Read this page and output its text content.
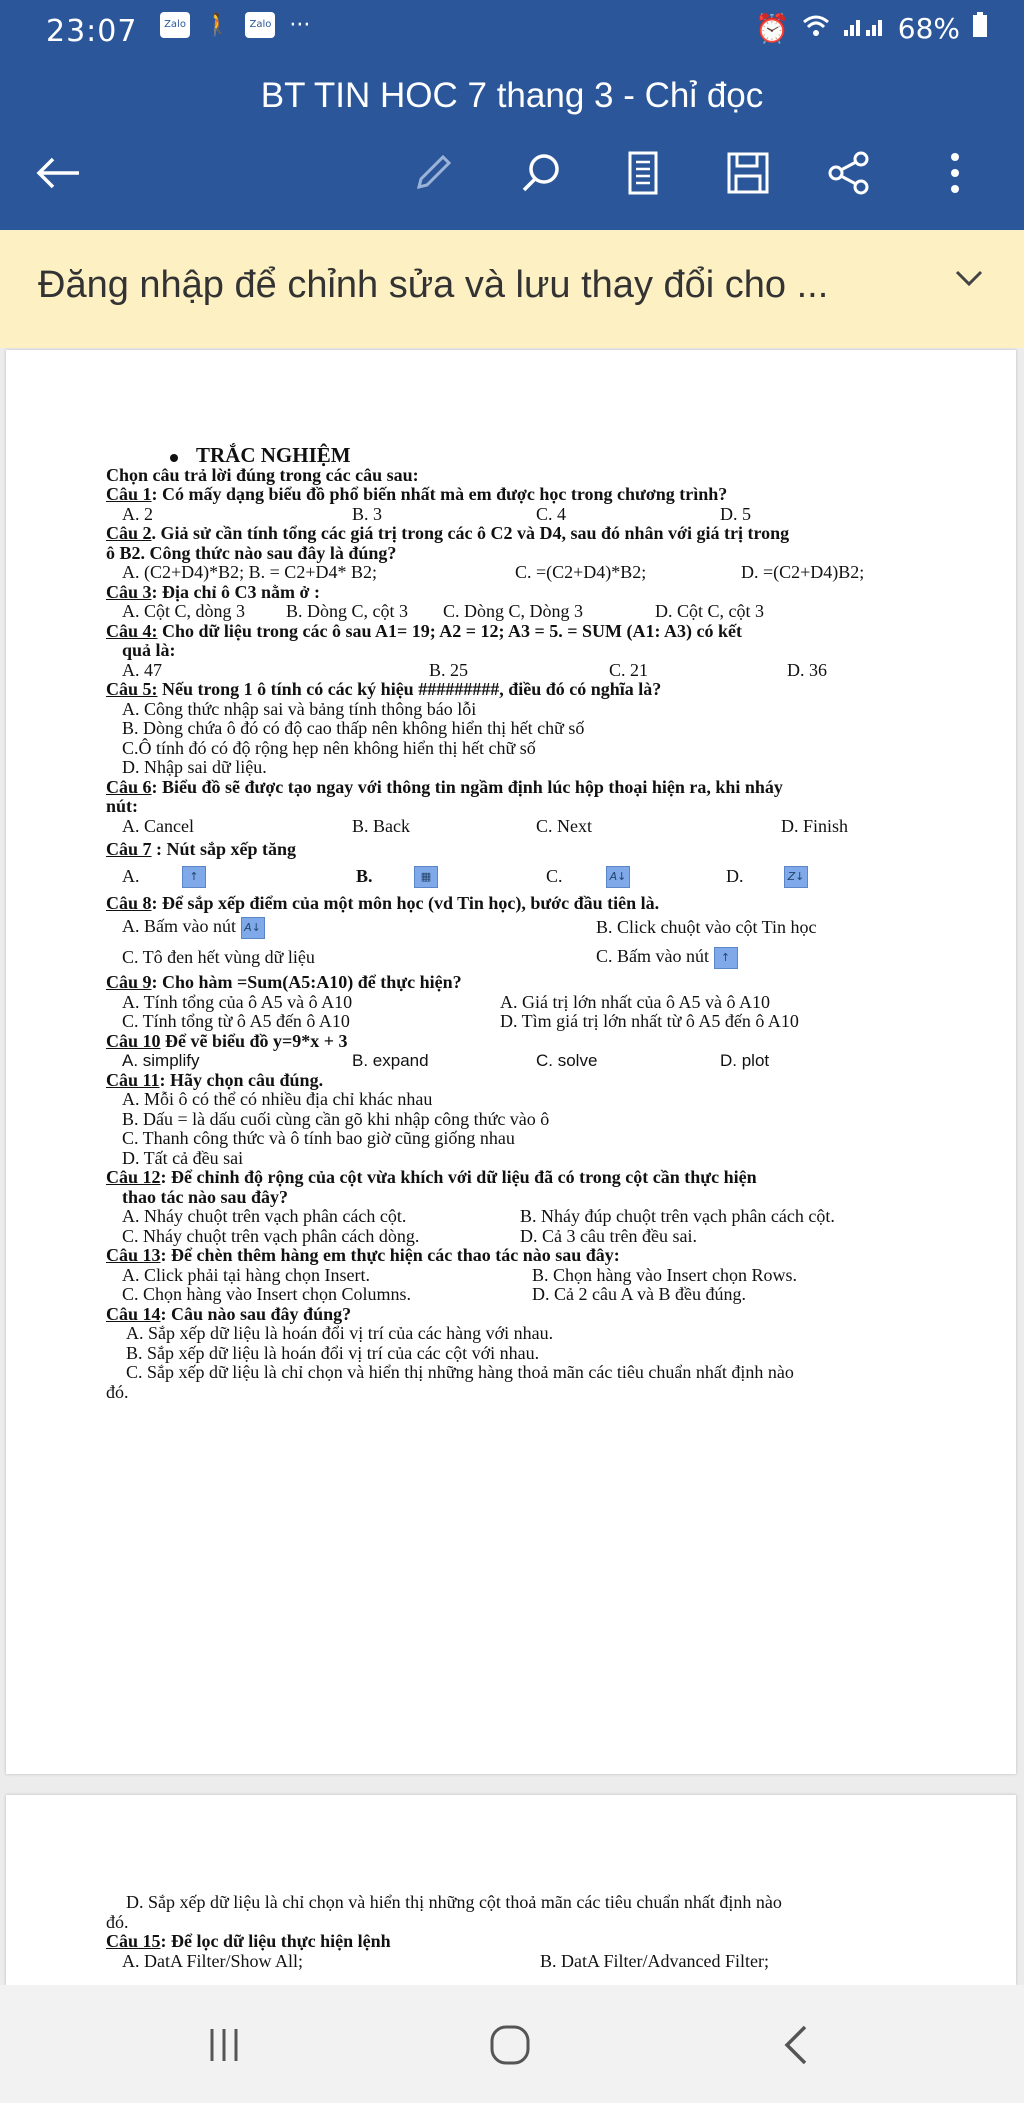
23:07	Zalo 🚶	Zalo ···	⏰	68%
BT TIN HOC 7 thang 3 - Chỉ đọc
Đăng nhập để chỉnh sửa và lưu thay đổi cho ...

TRẮC NGHIỆM

Chọn câu trả lời đúng trong các câu sau:

Câu 1: Có mấy dạng biểu đồ phổ biến nhất mà em được học trong chương trình?

A. 2	B. 3	C. 4	D. 5

Câu 2. Giả sử cần tính tổng các giá trị trong các ô C2 và D4, sau đó nhân với giá trị trong

ô B2. Công thức nào sau đây là đúng?

A. (C2+D4)*B2; B. = C2+D4* B2;	C. =(C2+D4)*B2;	D. =(C2+D4)B2;

Câu 3: Địa chỉ ô C3 nằm ở :

A. Cột C, dòng 3	B. Dòng C, cột 3	C. Dòng C, Dòng 3	D. Cột C, cột 3

Câu 4: Cho dữ liệu trong các ô sau A1= 19; A2 = 12; A3 = 5. = SUM (A1: A3) có kết

quả là:

A. 47	B. 25	C. 21	D. 36

Câu 5: Nếu trong 1 ô tính có các ký hiệu #########, điều đó có nghĩa là?

A. Công thức nhập sai và bảng tính thông báo lỗi

B. Dòng chứa ô đó có độ cao thấp nên không hiển thị hết chữ số

C.Ô tính đó có độ rộng hẹp nên không hiển thị hết chữ số

D. Nhập sai dữ liệu.

Câu 6: Biểu đồ sẽ được tạo ngay với thông tin ngầm định lúc hộp thoại hiện ra, khi nháy

nút:

A. Cancel	B. Back	C. Next	D. Finish

Câu 7 : Nút sắp xếp tăng

A.	↑	B.	▦	C.	A↓	D.	Z↓

Câu 8: Để sắp xếp điểm của một môn học (vd Tin học), bước đầu tiên là.

A. Bấm vào nút A↓	B. Click chuột vào cột Tin học
C. Tô đen hết vùng dữ liệu	C. Bấm vào nút ↑

Câu 9: Cho hàm =Sum(A5:A10) để thực hiện?

A. Tính tổng của ô A5 và ô A10	A. Giá trị lớn nhất của ô A5 và ô A10
C. Tính tổng từ ô A5 đến ô A10	D. Tìm giá trị lớn nhất từ ô A5 đến ô A10

Câu 10 Để vẽ biểu đồ y=9*x + 3

A. simplify	B. expand	C. solve	D. plot

Câu 11: Hãy chọn câu đúng.

A. Mỗi ô có thể có nhiều địa chỉ khác nhau

B. Dấu = là dấu cuối cùng cần gõ khi nhập công thức vào ô

C. Thanh công thức và ô tính bao giờ cũng giống nhau

D. Tất cả đều sai

Câu 12: Để chỉnh độ rộng của cột vừa khích với dữ liệu đã có trong cột cần thực hiện

thao tác nào sau đây?

A. Nháy chuột trên vạch phân cách cột.	B. Nháy đúp chuột trên vạch phân cách cột.
C. Nháy chuột trên vạch phân cách dòng.	D. Cả 3 câu trên đều sai.

Câu 13: Để chèn thêm hàng em thực hiện các thao tác nào sau đây:

A. Click phải tại hàng chọn Insert.	B. Chọn hàng vào Insert chọn Rows.
C. Chọn hàng vào Insert chọn Columns.	D. Cả 2 câu A và B đều đúng.

Câu 14: Câu nào sau đây đúng?

A. Sắp xếp dữ liệu là hoán đổi vị trí của các hàng với nhau.

B. Sắp xếp dữ liệu là hoán đổi vị trí của các cột với nhau.

C. Sắp xếp dữ liệu là chỉ chọn và hiển thị những hàng thoả mãn các tiêu chuẩn nhất định nào

đó.

D. Sắp xếp dữ liệu là chỉ chọn và hiển thị những cột thoả mãn các tiêu chuẩn nhất định nào

đó.

Câu 15: Để lọc dữ liệu thực hiện lệnh

A. DatA Filter/Show All;	B. DatA Filter/Advanced Filter;
